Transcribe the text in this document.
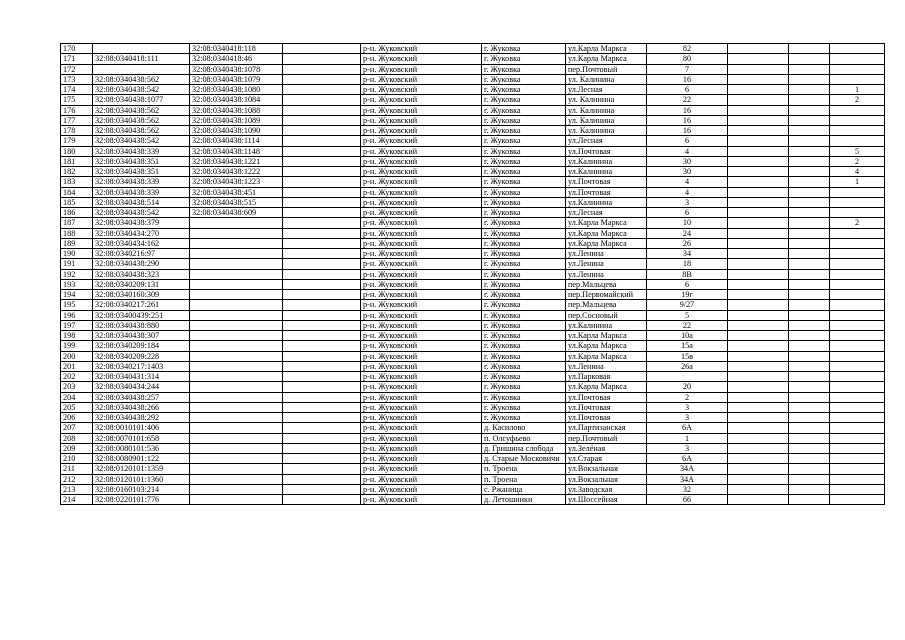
170		32:08:0340418:118		р-н. Жуковский	г. Жуковка	ул.Карла Маркса	82			
171	32:08:0340418:111	32:08:0340418:46		р-н. Жуковский	г. Жуковка	ул.Карла Маркса	80			
172		32:08:0340438:1078		р-н. Жуковский	г. Жуковка	пер.Почтовый	7			
173	32:08:0340438:562	32:08:0340438:1079		р-н. Жуковский	г. Жуковка	ул. Калинина	16			
174	32:08:0340438:542	32:08:0340438:1080		р-н. Жуковский	г. Жуковка	ул.Лесная	6			1
175	32:08:0340438:1077	32:08:0340438:1084		р-н. Жуковский	г. Жуковка	ул. Калинина	22			2
176	32:08:0340438:562	32:08:0340438:1088		р-н. Жуковский	г. Жуковка	ул. Калинина	16			
177	32:08:0340438:562	32:08:0340438:1089		р-н. Жуковский	г. Жуковка	ул. Калинина	16			
178	32:08:0340438:562	32:08:0340438:1090		р-н. Жуковский	г. Жуковка	ул. Калинина	16			
179	32:08:0340438:542	32:08:0340438:1114		р-н. Жуковский	г. Жуковка	ул.Лесная	6			
180	32:08:0340438:339	32:08:0340438:1148		р-н. Жуковский	г. Жуковка	ул.Почтовая	4			5
181	32:08:0340438:351	32:08:0340438:1221		р-н. Жуковский	г. Жуковка	ул.Калинина	30			2
182	32:08:0340438:351	32:08:0340438:1222		р-н. Жуковский	г. Жуковка	ул.Калинина	30			4
183	32:08:0340438:339	32:08:0340438:1223		р-н. Жуковский	г. Жуковка	ул.Почтовая	4			1
184	32:08:0340438:339	32:08:0340438:451		р-н. Жуковский	г. Жуковка	ул.Почтовая	4			
185	32:08:0340438:514	32:08:0340438:515		р-н. Жуковский	г. Жуковка	ул.Калинина	3			
186	32:08:0340438:542	32:08:0340438:609		р-н. Жуковский	г. Жуковка	ул.Лесная	6			
187	32:08:0340438:379			р-н. Жуковский	г. Жуковка	ул.Карла Маркса	10			2
188	32:08:0340434:270			р-н. Жуковский	г. Жуковка	ул.Карла Маркса	24			
189	32:08:0340434:162			р-н. Жуковский	г. Жуковка	ул.Карла Маркса	26			
190	32:08:0340216:97			р-н. Жуковский	г. Жуковка	ул.Ленина	34			
191	32:08:0340438:290			р-н. Жуковский	г. Жуковка	ул.Ленина	18			
192	32:08:0340438:323			р-н. Жуковский	г. Жуковка	ул.Ленина	8В			
193	32:08:0340209:131			р-н. Жуковский	г. Жуковка	пер.Мальцева	6			
194	32:08:0340160:309			р-н. Жуковский	г. Жуковка	пер.Первомайский	19г			
195	32:08:0340217:261			р-н. Жуковский	г. Жуковка	пер.Мальцева	9/27			
196	32:08:03400439:251			р-н. Жуковский	г. Жуковка	пер.Сосновый	5			
197	32:08:0340438:880			р-н. Жуковский	г. Жуковка	ул.Калинина	22			
198	32:08:0340438:307			р-н. Жуковский	г. Жуковка	ул.Карла Маркса	10а			
199	32:08:0340209:184			р-н. Жуковский	г. Жуковка	ул.Карла Маркса	15а			
200	32:08:0340209:228			р-н. Жуковский	г. Жуковка	ул.Карла Маркса	15в			
201	32:08:0340217:1403			р-н. Жуковский	г. Жуковка	ул.Ленина	26а			
202	32:08:0340431:314			р-н. Жуковский	г. Жуковка	ул.Парковая				
203	32:08:0340434:244			р-н. Жуковский	г. Жуковка	ул.Карла Маркса	20			
204	32:08:0340438:257			р-н. Жуковский	г. Жуковка	ул.Почтовая	2			
205	32:08:0340438:266			р-н. Жуковский	г. Жуковка	ул.Почтовая	3			
206	32:08:0340438:292			р-н. Жуковский	г. Жуковка	ул.Почтовая	3			
207	32:08:0010101:406			р-н. Жуковский	д. Касилово	ул.Партизанская	6А			
208	32:08:0070101:658			р-н. Жуковский	п. Олсуфьево	пер.Почтовый	1			
209	32:08:0080101:536			р-н. Жуковский	д. Гришина слобода	ул.Зелёная	3			
210	32:08:0080901:122			р-н. Жуковский	д. Старые Московичи	ул.Старая	6А			
211	32:08:0120101:1359			р-н. Жуковский	п. Троена	ул.Вокзальная	34А			
212	32:08:0120101:1360			р-н. Жуковский	п. Троена	ул.Вокзальная	34А			
213	32:08:0160103:214			р-н. Жуковский	с. Ржаница	ул.Заводская	32			
214	32:08:0220101:776			р-н. Жуковский	д. Летошники	ул.Шоссейная	66			
